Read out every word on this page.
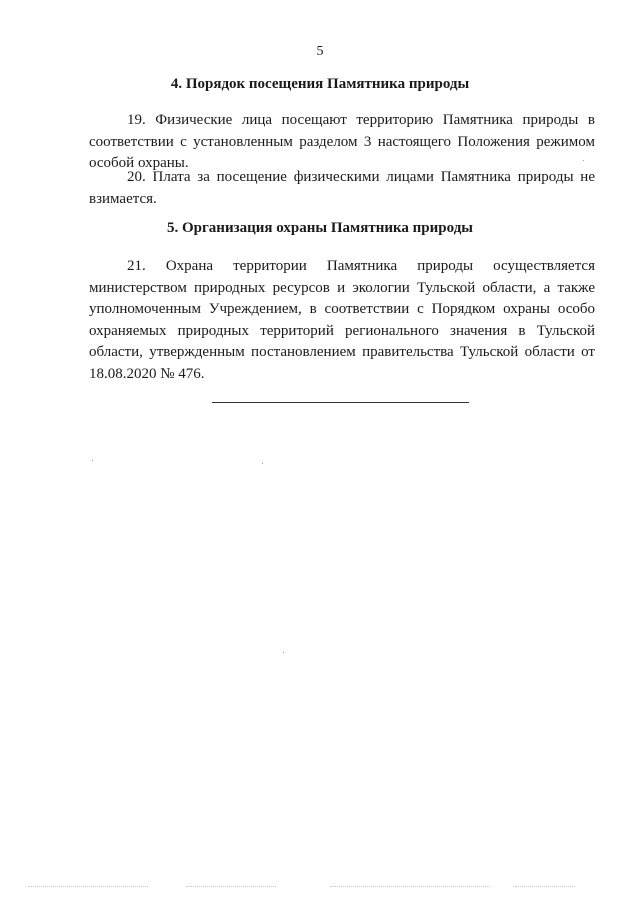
5
4. Порядок посещения Памятника природы

19. Физические лица посещают территорию Памятника природы в соответствии с установленным разделом 3 настоящего Положения режимом особой охраны.

20. Плата за посещение физическими лицами Памятника природы не взимается.

5. Организация охраны Памятника природы

21. Охрана территории Памятника природы осуществляется министерством природных ресурсов и экологии Тульской области, а также уполномоченным Учреждением, в соответствии с Порядком охраны особо охраняемых природных территорий регионального значения в Тульской области, утвержденным постановлением правительства Тульской области от 18.08.2020 № 476.
